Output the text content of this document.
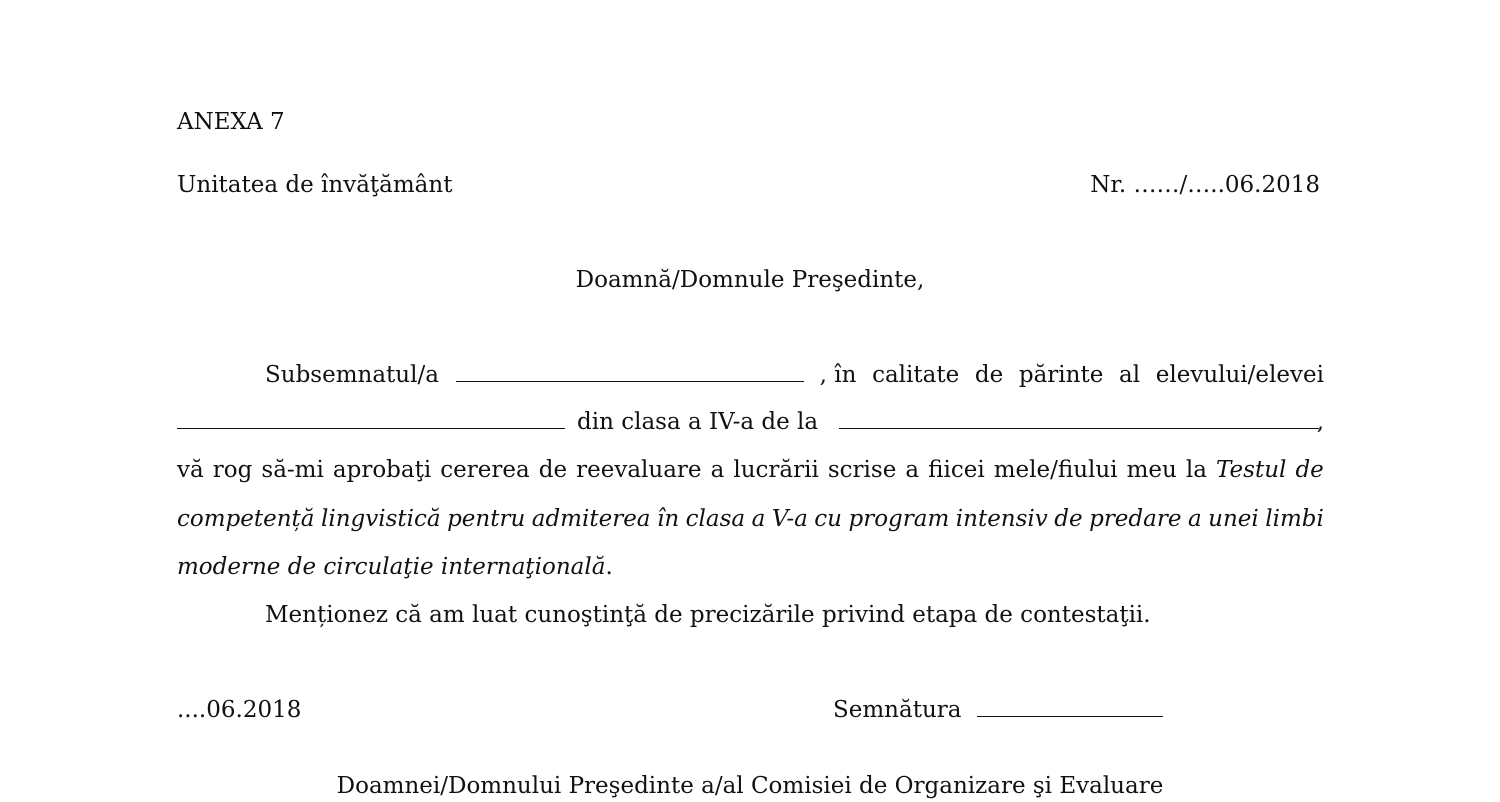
ANEXA 7
Unitatea de învăţământ	Nr. ……/…..06.2018
Doamnă/Domnule Preşedinte,
Subsemnatul/a	, în calitate de părinte al elevului/elevei
din clasa a IV-a de la	,
vă rog să-mi aprobaţi cererea de reevaluare a lucrării scrise a fiicei mele/fiului meu la Testul de
competență lingvistică pentru admiterea în clasa a V-a cu program intensiv de predare a unei limbi
moderne de circulaţie internaţională.
Menționez că am luat cunoştinţă de precizările privind etapa de contestaţii.
....06.2018	Semnătura
Doamnei/Domnului Preşedinte a/al Comisiei de Organizare şi Evaluare
